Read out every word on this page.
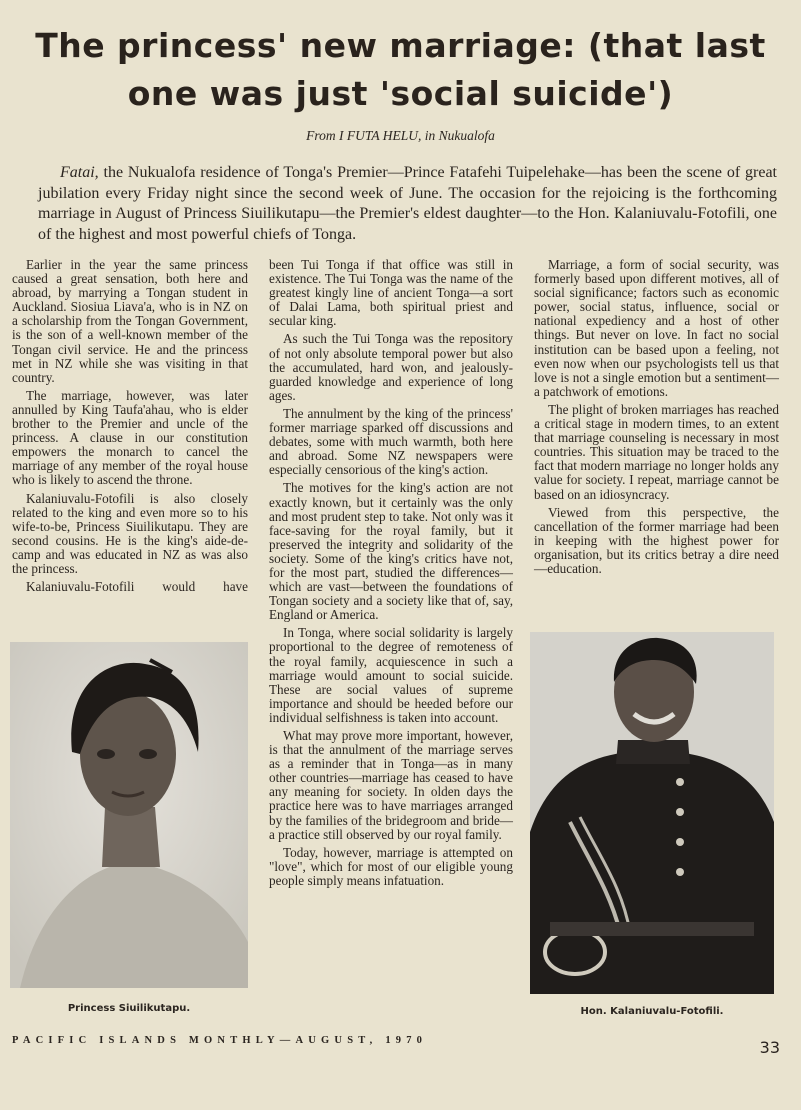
The princess' new marriage: (that last
one was just 'social suicide')
From I FUTA HELU, in Nukualofa
Fatai, the Nukualofa residence of Tonga's Premier—Prince Fatafehi Tuipelehake—has been the scene of great jubilation every Friday night since the second week of June. The occasion for the rejoicing is the forthcoming marriage in August of Princess Siuilikutapu—the Premier's eldest daughter—to the Hon. Kalaniuvalu-Fotofili, one of the highest and most powerful chiefs of Tonga.

Earlier in the year the same princess caused a great sensation, both here and abroad, by marrying a Tongan student in Auckland. Siosiua Liava'a, who is in NZ on a scholarship from the Tongan Government, is the son of a well-known member of the Tongan civil service. He and the princess met in NZ while she was visiting in that country.

The marriage, however, was later annulled by King Taufa'ahau, who is elder brother to the Premier and uncle of the princess. A clause in our constitution empowers the monarch to cancel the marriage of any member of the royal house who is likely to ascend the throne.

Kalaniuvalu-Fotofili is also closely related to the king and even more so to his wife-to-be, Princess Siuilikutapu. They are second cousins. He is the king's aide-de-camp and was educated in NZ as was also the princess.

Kalaniuvalu-Fotofili would have

been Tui Tonga if that office was still in existence. The Tui Tonga was the name of the greatest kingly line of ancient Tonga—a sort of Dalai Lama, both spiritual priest and secular king.

As such the Tui Tonga was the repository of not only absolute temporal power but also the accumulated, hard won, and jealously-guarded knowledge and experience of long ages.

The annulment by the king of the princess' former marriage sparked off discussions and debates, some with much warmth, both here and abroad. Some NZ newspapers were especially censorious of the king's action.

The motives for the king's action are not exactly known, but it certainly was the only and most prudent step to take. Not only was it face-saving for the royal family, but it preserved the integrity and solidarity of the society. Some of the king's critics have not, for the most part, studied the differences—which are vast—between the foundations of Tongan society and a society like that of, say, England or America.

In Tonga, where social solidarity is largely proportional to the degree of remoteness of the royal family, acquiescence in such a marriage would amount to social suicide. These are social values of supreme importance and should be heeded before our individual selfishness is taken into account.

What may prove more important, however, is that the annulment of the marriage serves as a reminder that in Tonga—as in many other countries—marriage has ceased to have any meaning for society. In olden days the practice here was to have marriages arranged by the families of the bridegroom and bride—a practice still observed by our royal family.

Today, however, marriage is attempted on "love", which for most of our eligible young people simply means infatuation.

Marriage, a form of social security, was formerly based upon different motives, all of social significance; factors such as economic power, social status, influence, social or national expediency and a host of other things. But never on love. In fact no social institution can be based upon a feeling, not even now when our psychologists tell us that love is not a single emotion but a sentiment—a patchwork of emotions.

The plight of broken marriages has reached a critical stage in modern times, to an extent that marriage counseling is necessary in most countries. This situation may be traced to the fact that modern marriage no longer holds any value for society. I repeat, marriage cannot be based on an idiosyncracy.

Viewed from this perspective, the cancellation of the former marriage had been in keeping with the highest power for organisation, but its critics betray a dire need—education.

Princess Siuilikutapu.	Hon. Kalaniuvalu-Fotofili.
PACIFIC ISLANDS MONTHLY—AUGUST, 1970	33
